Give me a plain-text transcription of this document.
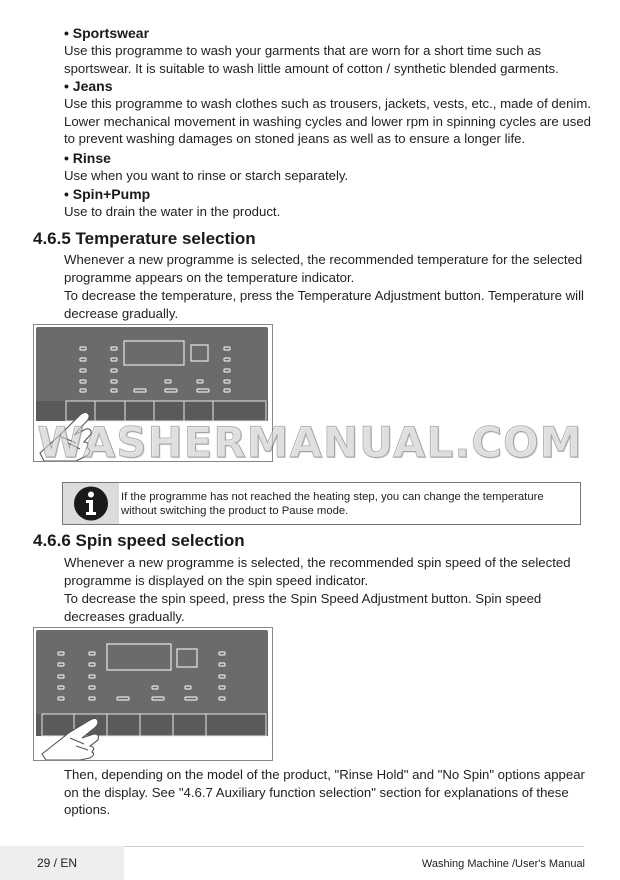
• Sportswear
Use this programme to wash your garments that are worn for a short time such as sportswear. It is suitable to wash little amount of cotton / synthetic blended garments.
• Jeans
Use this programme to wash clothes such as trousers, jackets, vests, etc., made of denim. Lower mechanical movement in washing cycles and lower rpm in spinning cycles are used to prevent washing damages on stoned jeans as well as to ensure a longer life.
• Rinse
Use when you want to rinse or starch separately.
• Spin+Pump
Use to drain the water in the product.
4.6.5 Temperature selection
Whenever a new programme is selected, the recommended temperature for the selected programme appears on the temperature indicator.
To decrease the temperature, press the Temperature Adjustment button. Temperature will decrease gradually.
WASHERMANUAL.COM
If the programme has not reached the heating step, you can change the temperature without switching the product to Pause mode.
4.6.6 Spin speed selection
Whenever a new programme is selected, the recommended spin speed of the selected programme is displayed on the spin speed indicator.
To decrease the spin speed, press the Spin Speed Adjustment button. Spin speed decreases gradually.
Then, depending on the model of the product, "Rinse Hold" and "No Spin" options appear on the display. See "4.6.7 Auxiliary function selection" section for explanations of these options.
29 / EN	Washing Machine /User's Manual
